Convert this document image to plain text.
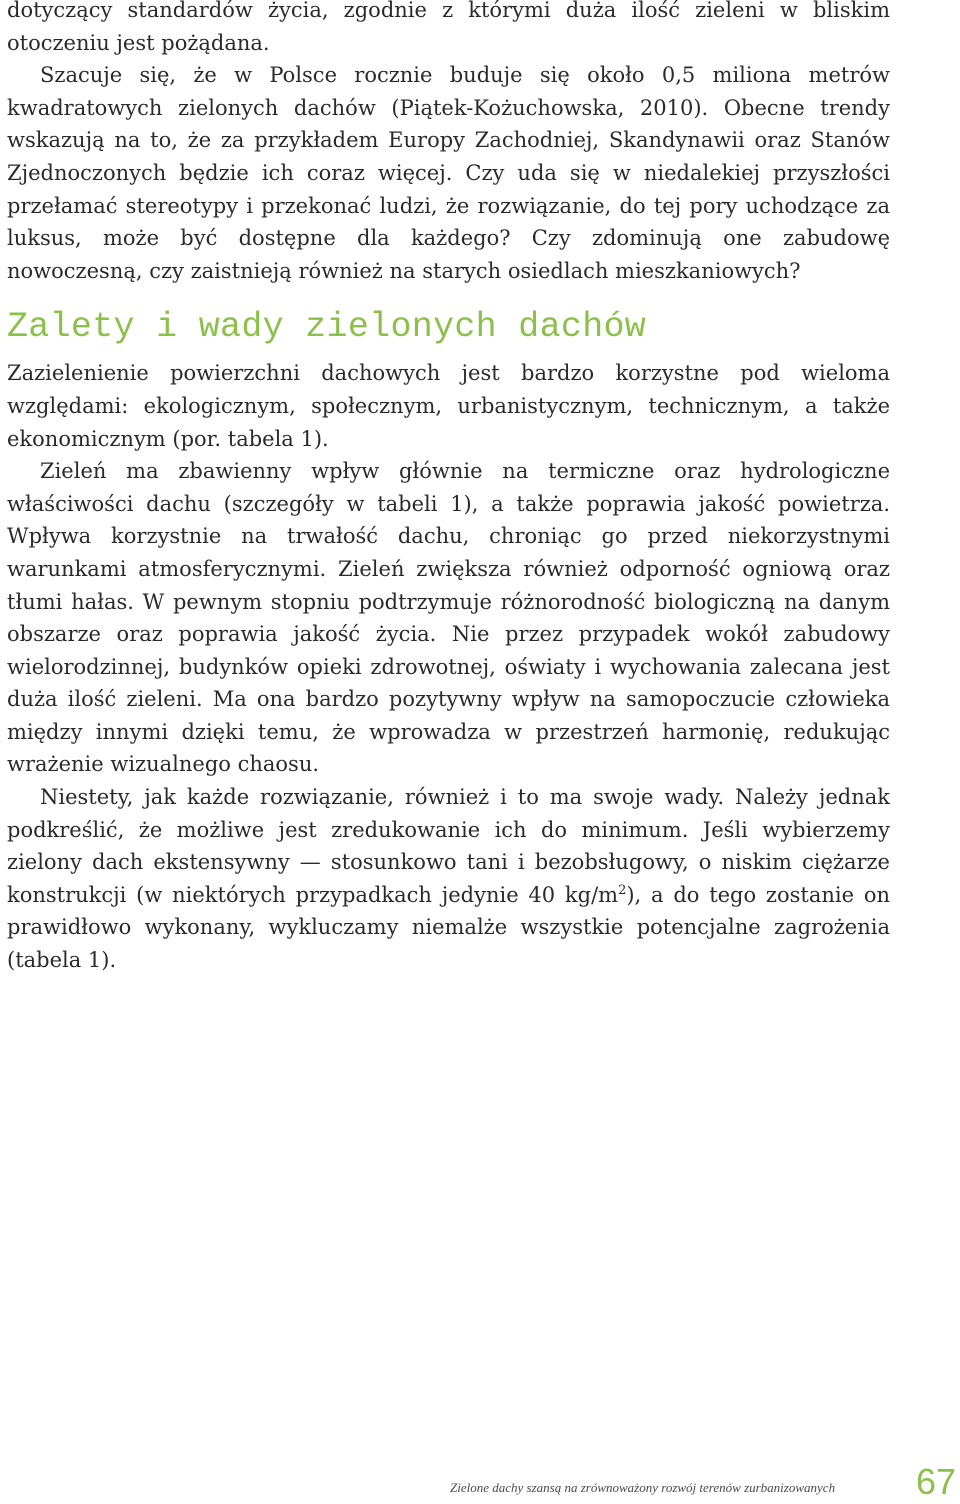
dotyczący standardów życia, zgodnie z którymi duża ilość zieleni w bliskim otoczeniu jest pożądana.

Szacuje się, że w Polsce rocznie buduje się około 0,5 miliona metrów kwadratowych zielonych dachów (Piątek-Kożuchowska, 2010). Obecne trendy wskazują na to, że za przykładem Europy Zachodniej, Skandynawii oraz Stanów Zjednoczonych będzie ich coraz więcej. Czy uda się w niedalekiej przyszłości przełamać stereotypy i przekonać ludzi, że rozwiązanie, do tej pory uchodzące za luksus, może być dostępne dla każdego? Czy zdominują one zabudowę nowoczesną, czy zaistnieją również na starych osiedlach mieszkaniowych?

Zalety i wady zielonych dachów

Zazielenienie powierzchni dachowych jest bardzo korzystne pod wieloma względami: ekologicznym, społecznym, urbanistycznym, technicznym, a także ekonomicznym (por. tabela 1).

Zieleń ma zbawienny wpływ głównie na termiczne oraz hydrologiczne właściwości dachu (szczegóły w tabeli 1), a także poprawia jakość powietrza. Wpływa korzystnie na trwałość dachu, chroniąc go przed niekorzystnymi warunkami atmosferycznymi. Zieleń zwiększa również odporność ogniową oraz tłumi hałas. W pewnym stopniu podtrzymuje różnorodność biologiczną na danym obszarze oraz poprawia jakość życia. Nie przez przypadek wokół zabudowy wielorodzinnej, budynków opieki zdrowotnej, oświaty i wychowania zalecana jest duża ilość zieleni. Ma ona bardzo pozytywny wpływ na samopoczucie człowieka między innymi dzięki temu, że wprowadza w przestrzeń harmonię, redukując wrażenie wizualnego chaosu.

Niestety, jak każde rozwiązanie, również i to ma swoje wady. Należy jednak podkreślić, że możliwe jest zredukowanie ich do minimum. Jeśli wybierzemy zielony dach ekstensywny — stosunkowo tani i bezobsługowy, o niskim ciężarze konstrukcji (w niektórych przypadkach jedynie 40 $kg/m^2$), a do tego zostanie on prawidłowo wykonany, wykluczamy niemalże wszystkie potencjalne zagrożenia (tabela 1).

Zielone dachy szansą na zrównoważony rozwój terenów zurbanizowanych 67
